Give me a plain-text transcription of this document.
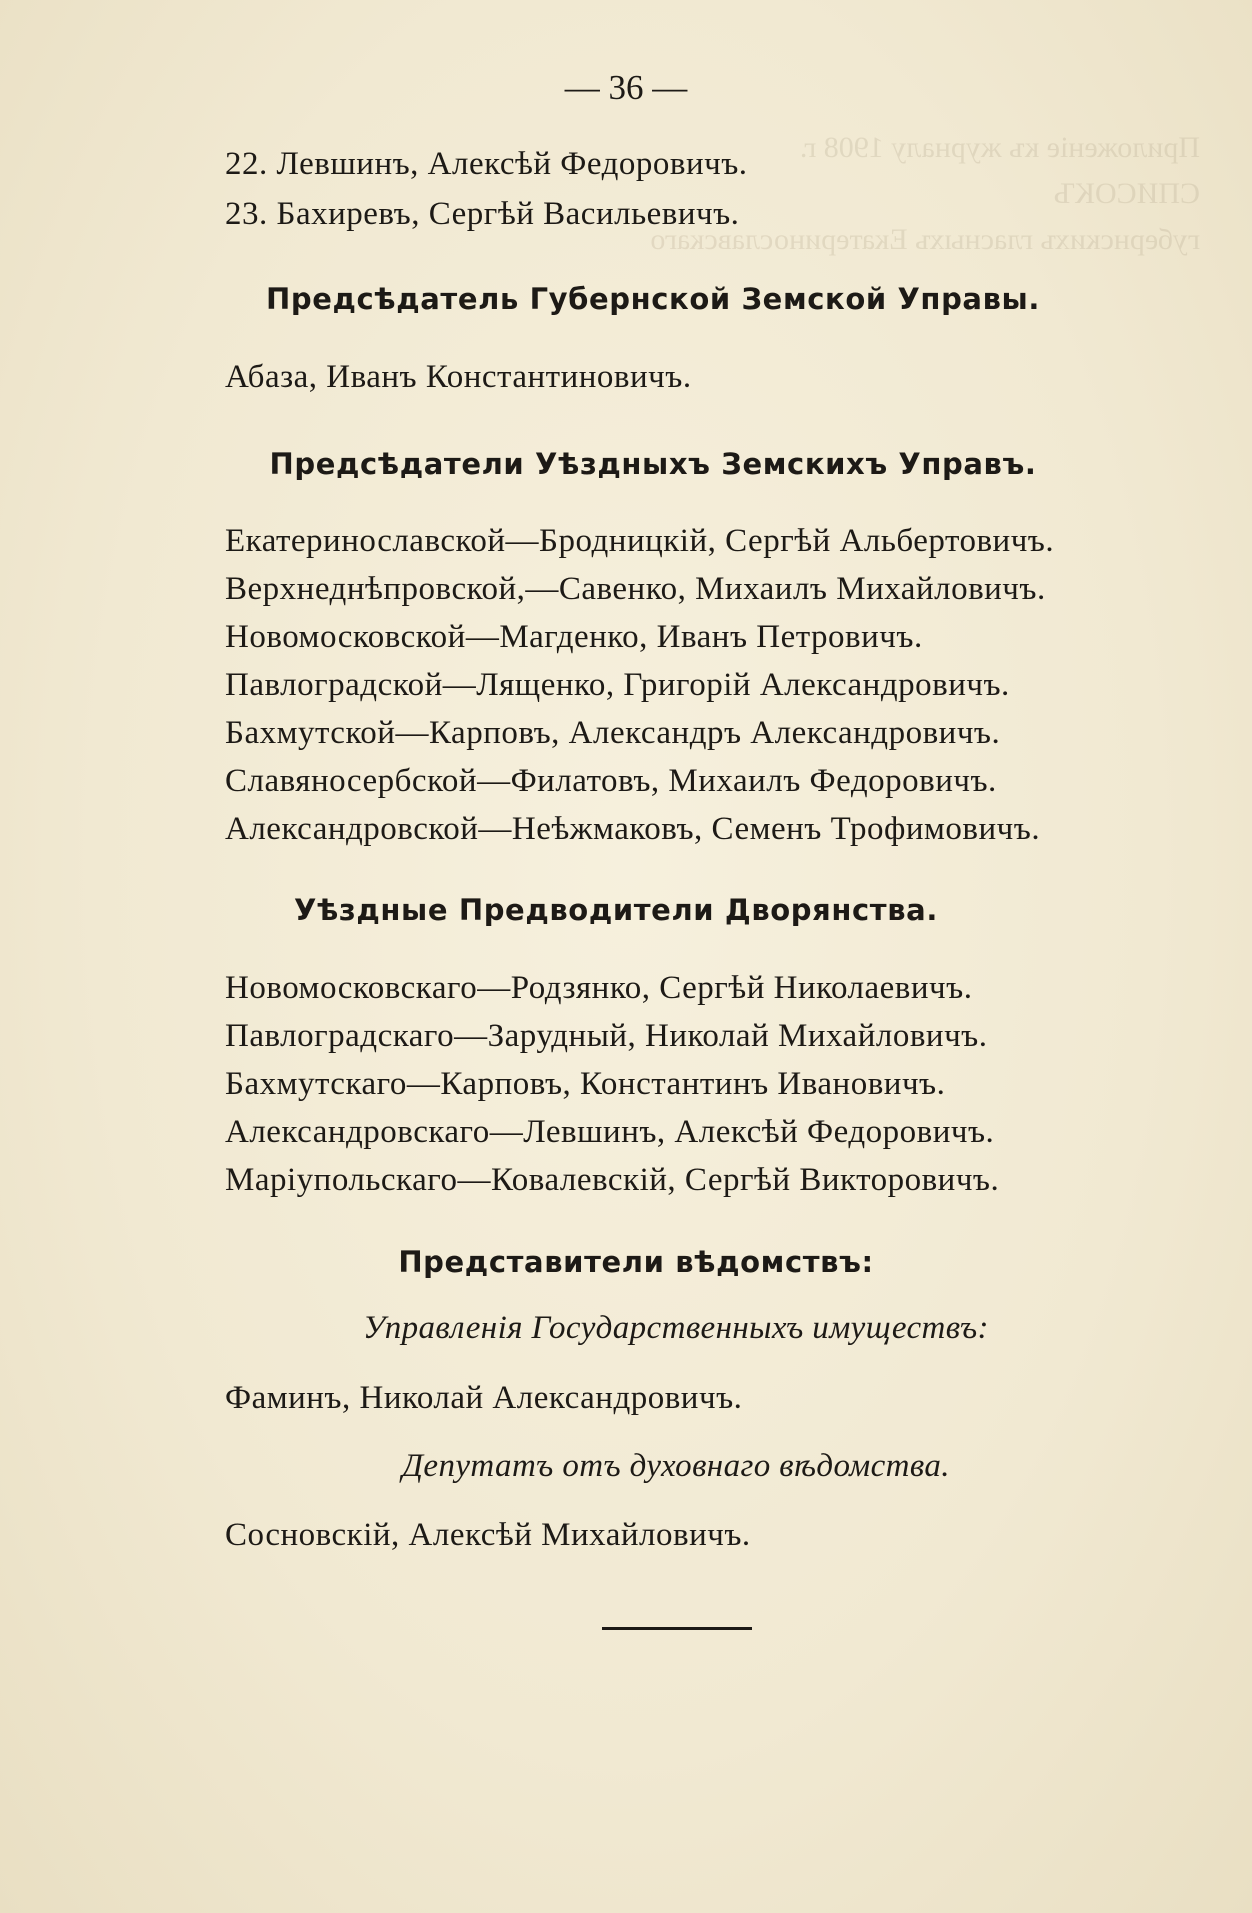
Приложеніе къ журналу 1908 г.
СПИСОКЪ
губернскихъ гласныхъ Екатеринославскаго
— 36 —
22. Левшинъ, Алексѣй Федоровичъ.
23. Бахиревъ, Сергѣй Васильевичъ.
Предсѣдатель Губернской Земской Управы.
Абаза, Иванъ Константиновичъ.
Предсѣдатели Уѣздныхъ Земскихъ Управъ.
Екатеринославской—Бродницкій, Сергѣй Альбертовичъ.
Верхнеднѣпровской,—Савенко, Михаилъ Михайловичъ.
Новомосковской—Магденко, Иванъ Петровичъ.
Павлоградской—Лященко, Григорій Александровичъ.
Бахмутской—Карповъ, Александръ Александровичъ.
Славяносербской—Филатовъ, Михаилъ Федоровичъ.
Александровской—Неѣжмаковъ, Семенъ Трофимовичъ.
Уѣздные Предводители Дворянства.
Новомосковскаго—Родзянко, Сергѣй Николаевичъ.
Павлоградскаго—Зарудный, Николай Михайловичъ.
Бахмутскаго—Карповъ, Константинъ Ивановичъ.
Александровскаго—Левшинъ, Алексѣй Федоровичъ.
Маріупольскаго—Ковалевскій, Сергѣй Викторовичъ.
Представители вѣдомствъ:
Управленія Государственныхъ имуществъ:
Фаминъ, Николай Александровичъ.
Депутатъ отъ духовнаго вѣдомства.
Сосновскій, Алексѣй Михайловичъ.
